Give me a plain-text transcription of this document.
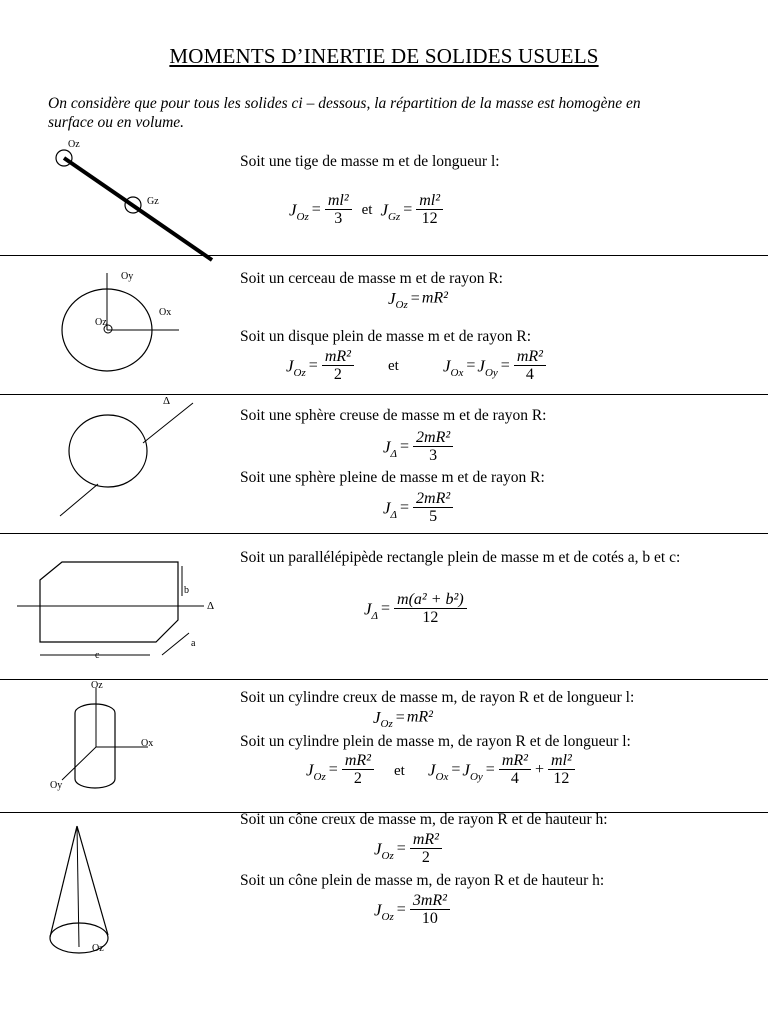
MOMENTS D’INERTIE DE SOLIDES USUELS
On considère que pour tous les solides ci – dessous, la répartition de la masse est homogène en surface ou en volume.
Oz
Gz
Soit une tige de masse m et de longueur l:
$J_{Oz} = \frac{\text{ml²}}{3}$ et $J_{Gz} = \frac{\text{ml²}}{12}$
Oy
Ox
Oz
Soit un cerceau de masse m et de rayon R:
$J_{Oz} = mR^2$
Soit un disque plein de masse m et de rayon R:
$J_{Oz} = \frac{\text{mR²}}{2}$ et	$J_{Ox} = J_{Oy} = \frac{\text{mR²}}{4}$
Δ
Soit une sphère creuse de masse m et de rayon R:
$J_\Delta = \frac{\text{2mR²}}{3}$
Soit une sphère pleine de masse m et de rayon R:
$J_\Delta = \frac{\text{2mR²}}{5}$
b
Δ
a
c
Soit un parallélépipède rectangle plein de masse m et de cotés a, b et c:
$J_\Delta = \frac{\text{m(a² + b²)}}{12}$
Oz
Ox
Oy
Soit un cylindre creux de masse m, de rayon R et de longueur l:
$J_{Oz} = mR^2$
Soit un cylindre plein de masse m, de rayon R et de longueur l:
$J_{Oz} = \frac{\text{mR²}}{2}$ et $J_{Ox} = J_{Oy} = \frac{\text{mR²}}{4} + \frac{\text{ml²}}{12}$
Oz
Soit un cône creux de masse m, de rayon R et de hauteur h:
$J_{Oz} = \frac{\text{mR²}}{2}$
Soit un cône plein de masse m, de rayon R et de hauteur h:
$J_{Oz} = \frac{\text{3mR²}}{10}$
